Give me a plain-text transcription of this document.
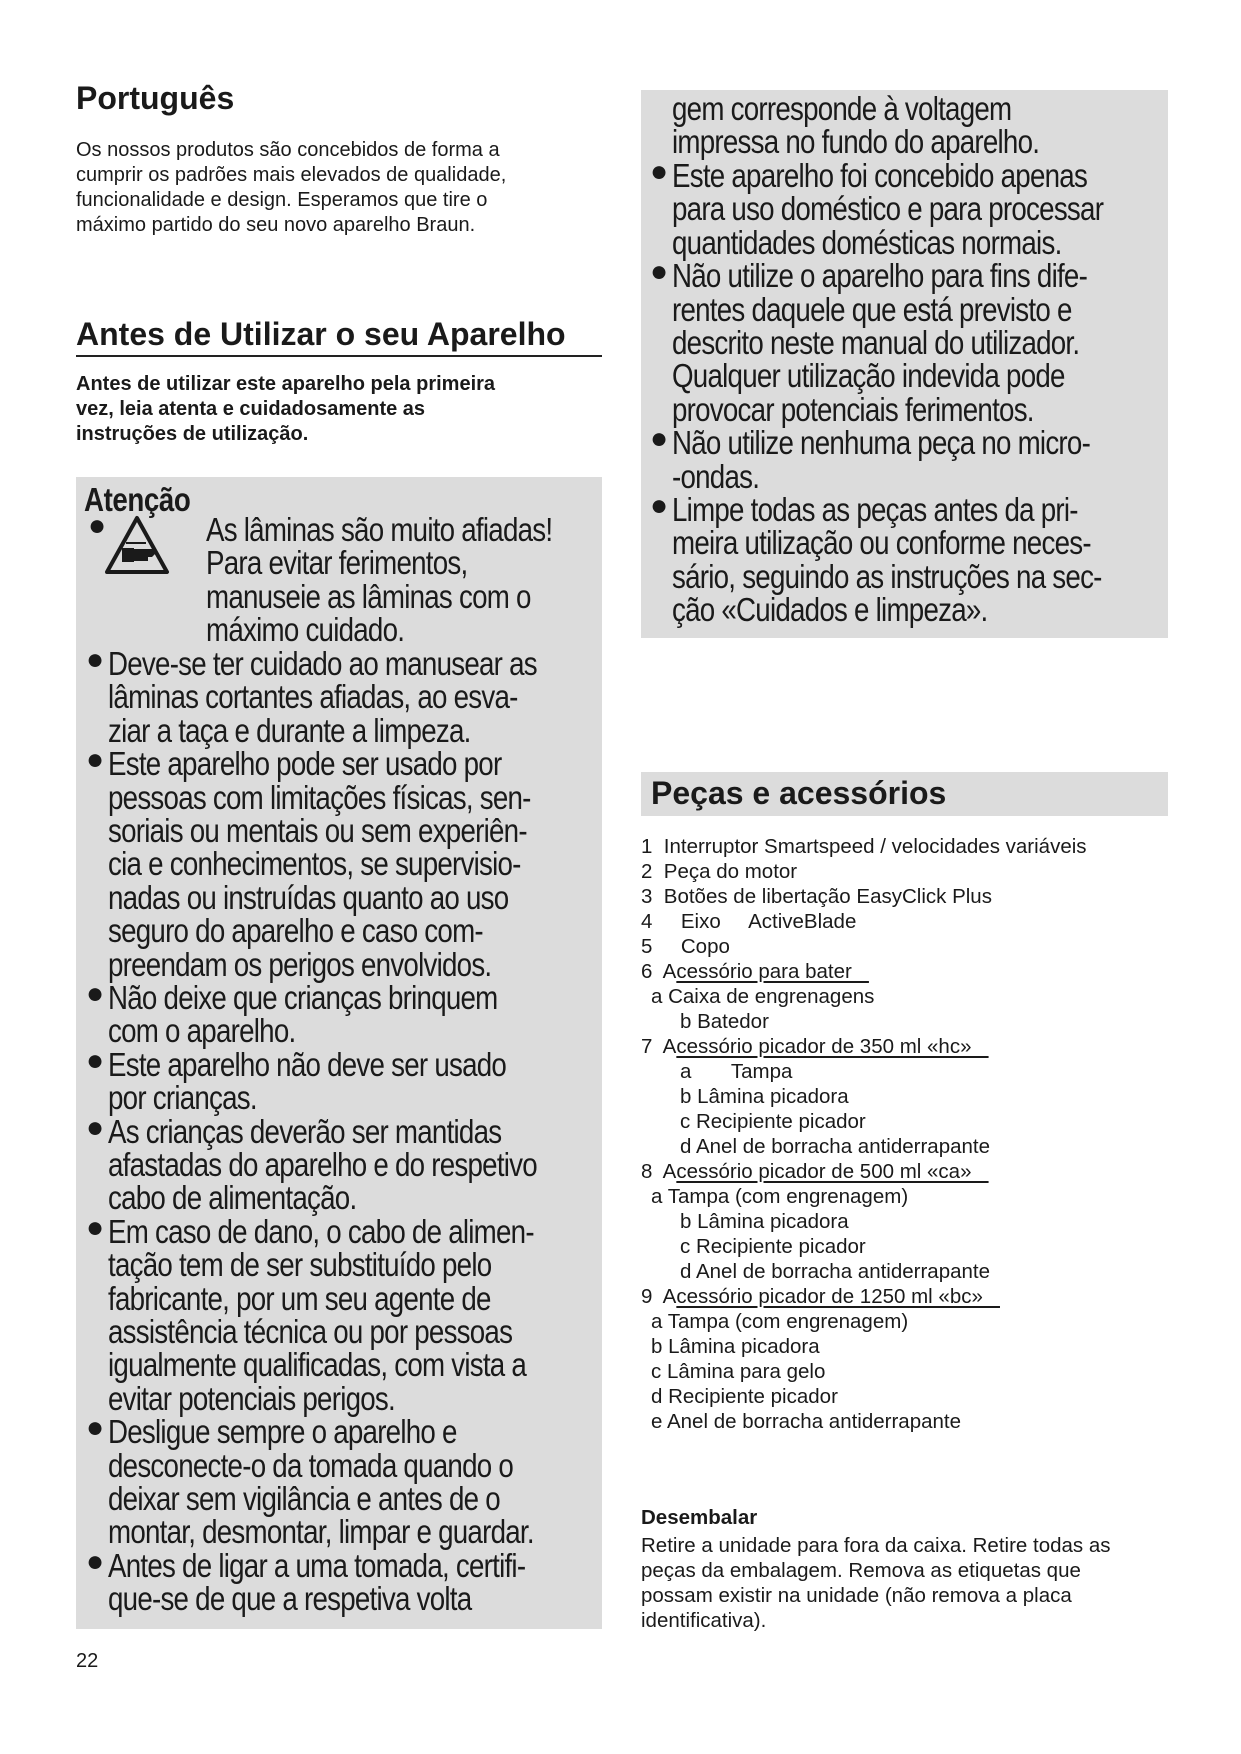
Português

Os nossos produtos são concebidos de forma a
cumprir os padrões mais elevados de qualidade,
funcionalidade e design. Esperamos que tire o
máximo partido do seu novo aparelho Braun.

Antes de Utilizar o seu Aparelho

Antes de utilizar este aparelho pela primeira
vez, leia atenta e cuidadosamente as
instruções de utilização.

Atenção
●	As lâminas são muito afiadas!
Para evitar ferimentos,
manuseie as lâminas com o
máximo cuidado.
● Deve-se ter cuidado ao manusear as
lâminas cortantes afiadas, ao esva-
ziar a taça e durante a limpeza.
● Este aparelho pode ser usado por
pessoas com limitações físicas, sen-
soriais ou mentais ou sem experiên-
cia e conhecimentos, se supervisio-
nadas ou instruídas quanto ao uso
seguro do aparelho e caso com-
preendam os perigos envolvidos.
● Não deixe que crianças brinquem
com o aparelho.
● Este aparelho não deve ser usado
por crianças.
● As crianças deverão ser mantidas
afastadas do aparelho e do respetivo
cabo de alimentação.
● Em caso de dano, o cabo de alimen-
tação tem de ser substituído pelo
fabricante, por um seu agente de
assistência técnica ou por pessoas
igualmente qualificadas, com vista a
evitar potenciais perigos.
● Desligue sempre o aparelho e
desconecte-o da tomada quando o
deixar sem vigilância e antes de o
montar, desmontar, limpar e guardar.
● Antes de ligar a uma tomada, certifi-
que-se de que a respetiva volta
gem corresponde à voltagem
impressa no fundo do aparelho.
● Este aparelho foi concebido apenas
para uso doméstico e para processar
quantidades domésticas normais.
● Não utilize o aparelho para fins dife-
rentes daquele que está previsto e
descrito neste manual do utilizador.
Qualquer utilização indevida pode
provocar potenciais ferimentos.
● Não utilize nenhuma peça no micro-
-ondas.
● Limpe todas as peças antes da pri-
meira utilização ou conforme neces-
sário, seguindo as instruções na sec-
ção «Cuidados e limpeza».
Peças e acessórios
1  Interruptor Smartspeed / velocidades variáveis
2  Peça do motor
3  Botões de libertação EasyClick Plus
4     Eixo     ActiveBlade
5     Copo
6  Acessório para bater
a Caixa de engrenagens
b Batedor
7  Acessório picador de 350 ml «hc»
a       Tampa
b Lâmina picadora
c Recipiente picador
d Anel de borracha antiderrapante
8  Acessório picador de 500 ml «ca»
a Tampa (com engrenagem)
b Lâmina picadora
c Recipiente picador
d Anel de borracha antiderrapante
9  Acessório picador de 1250 ml «bc»
a Tampa (com engrenagem)
b Lâmina picadora
c Lâmina para gelo
d Recipiente picador
e Anel de borracha antiderrapante
Desembalar

Retire a unidade para fora da caixa. Retire todas as
peças da embalagem. Remova as etiquetas que
possam existir na unidade (não remova a placa
identificativa).

22
